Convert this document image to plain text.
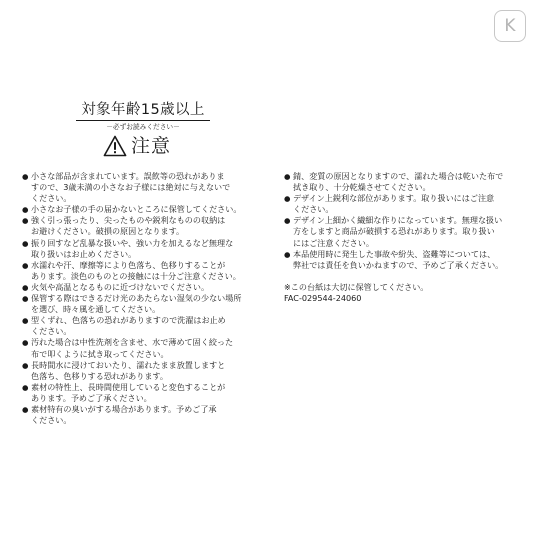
K
対象年齢15歳以上
－必ずお読みください－
注意
● 小さな部品が含まれています。誤飲等の恐れがありま
すので、3歳未満の小さなお子様には絶対に与えないで
ください。
● 小さなお子様の手の届かないところに保管してください。
● 強く引っ張ったり、尖ったものや鋭利なものの収納は
お避けください。破損の原因となります。
● 振り回すなど乱暴な扱いや、強い力を加えるなど無理な
取り扱いはお止めください。
● 水濡れや汗、摩擦等により色落ち、色移りすることが
あります。淡色のものとの接触には十分ご注意ください。
● 火気や高温となるものに近づけないでください。
● 保管する際はできるだけ光のあたらない湿気の少ない場所
を選び、時々風を通してください。
● 型くずれ、色落ちの恐れがありますので洗濯はお止め
ください。
● 汚れた場合は中性洗剤を含ませ、水で薄めて固く絞った
布で叩くように拭き取ってください。
● 長時間水に浸けておいたり、濡れたまま放置しますと
色落ち、色移りする恐れがあります。
● 素材の特性上、長時間使用していると変色することが
あります。予めご了承ください。
● 素材特有の臭いがする場合があります。予めご了承
ください。
● 錆、変質の原因となりますので、濡れた場合は乾いた布で
拭き取り、十分乾燥させてください。
● デザイン上鋭利な部位があります。取り扱いにはご注意
ください。
● デザイン上細かく繊細な作りになっています。無理な扱い
方をしますと商品が破損する恐れがあります。取り扱い
にはご注意ください。
● 本品使用時に発生した事故や紛失、盗難等については、
弊社では責任を負いかねますので、予めご了承ください。
※この台紙は大切に保管してください。
FAC-029544-24060
